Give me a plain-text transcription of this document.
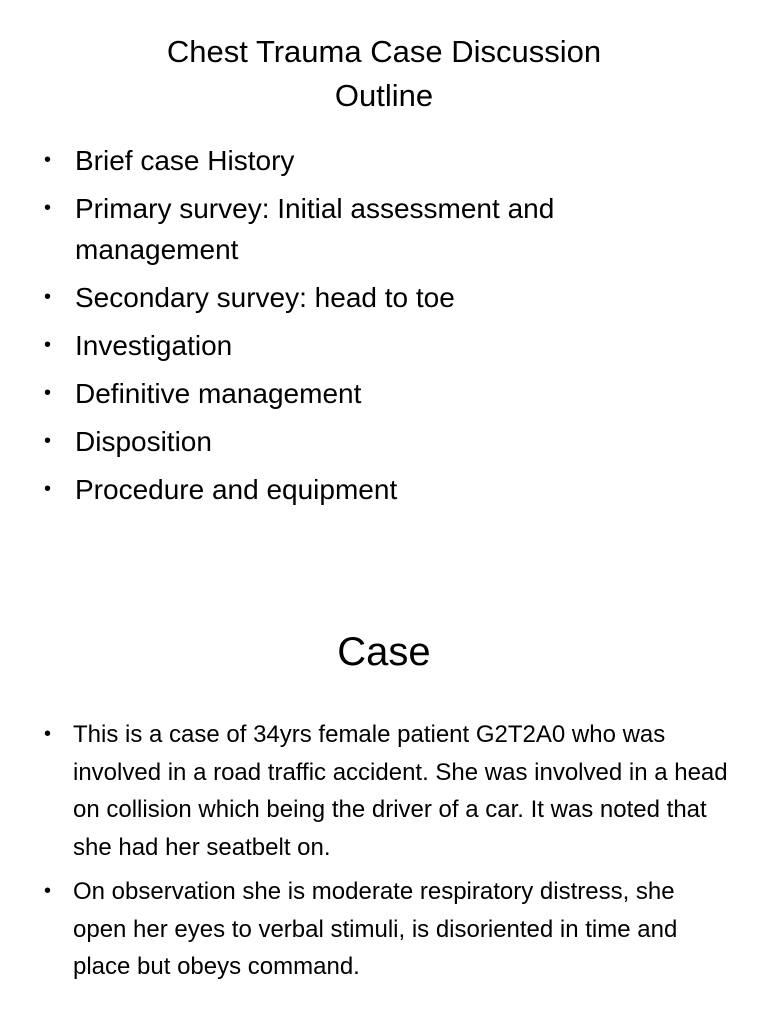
Chest Trauma Case Discussion
Outline
• Brief case History
• Primary survey: Initial assessment and management
• Secondary survey: head to toe
• Investigation
• Definitive management
• Disposition
• Procedure and equipment
Case
• This is a case of 34yrs female patient G2T2A0 who was involved in a road traffic accident. She was involved in a head on collision which being the driver of a car. It was noted that she had her seatbelt on.
• On observation she is moderate respiratory distress, she open her eyes to verbal stimuli, is disoriented in time and place but obeys command.
